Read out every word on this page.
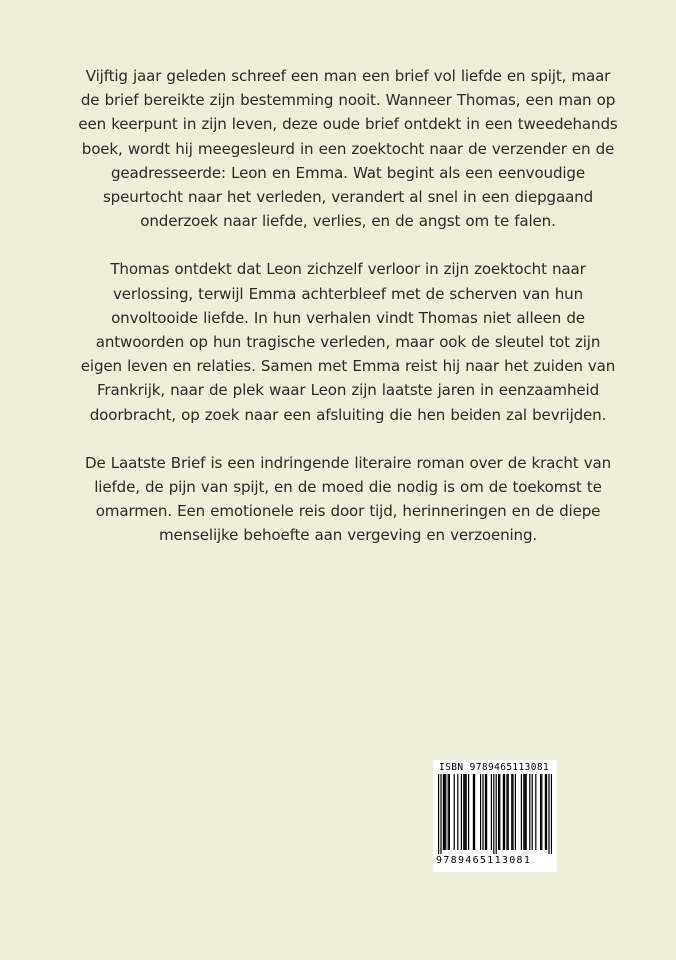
Vijftig jaar geleden schreef een man een brief vol liefde en spijt, maar de brief bereikte zijn bestemming nooit. Wanneer Thomas, een man op een keerpunt in zijn leven, deze oude brief ontdekt in een tweedehands boek, wordt hij meegesleurd in een zoektocht naar de verzender en de geadresseerde: Leon en Emma. Wat begint als een eenvoudige speurtocht naar het verleden, verandert al snel in een diepgaand onderzoek naar liefde, verlies, en de angst om te falen.

Thomas ontdekt dat Leon zichzelf verloor in zijn zoektocht naar verlossing, terwijl Emma achterbleef met de scherven van hun onvoltooide liefde. In hun verhalen vindt Thomas niet alleen de antwoorden op hun tragische verleden, maar ook de sleutel tot zijn eigen leven en relaties. Samen met Emma reist hij naar het zuiden van Frankrijk, naar de plek waar Leon zijn laatste jaren in eenzaamheid doorbracht, op zoek naar een afsluiting die hen beiden zal bevrijden.

De Laatste Brief is een indringende literaire roman over de kracht van liefde, de pijn van spijt, en de moed die nodig is om de toekomst te omarmen. Een emotionele reis door tijd, herinneringen en de diepe menselijke behoefte aan vergeving en verzoening.

ISBN 9789465113081
9789465113081
